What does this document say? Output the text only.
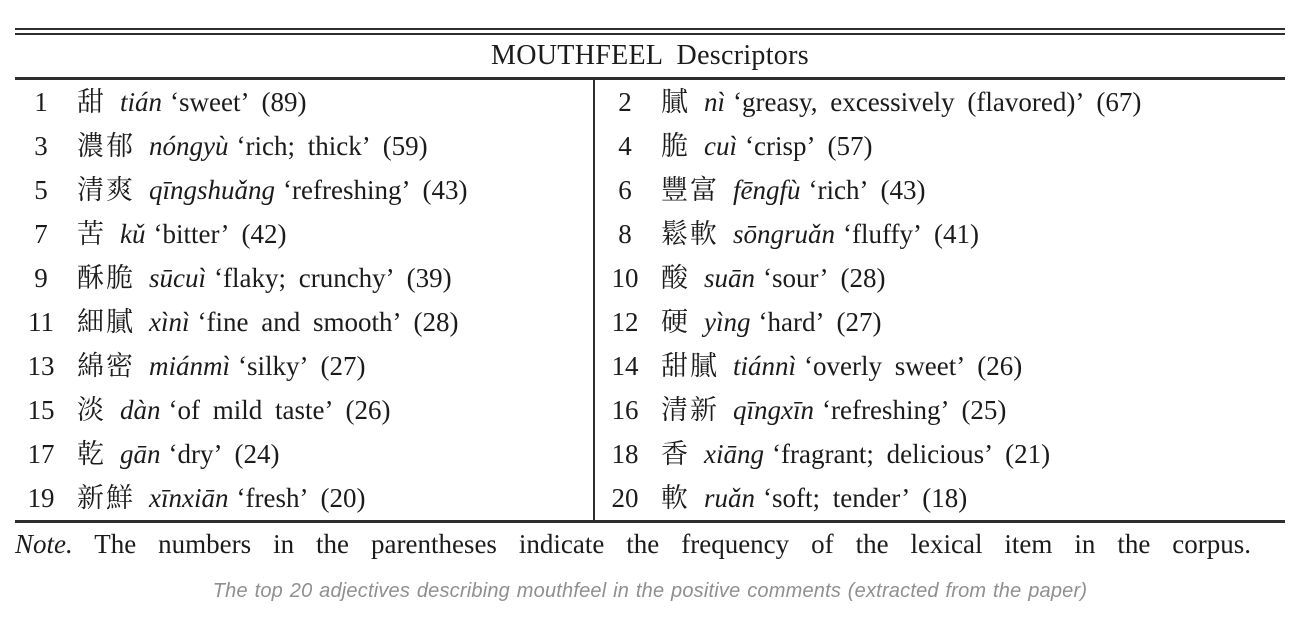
MOUTHFEEL Descriptors
1	甜 tián ‘sweet’ (89)	2	膩 nì ‘greasy, excessively (flavored)’ (67)
3	濃郁 nóngyù ‘rich; thick’ (59)	4	脆 cuì ‘crisp’ (57)
5	清爽 qīngshuǎng ‘refreshing’ (43)	6	豐富 fēngfù ‘rich’ (43)
7	苦 kǔ ‘bitter’ (42)	8	鬆軟 sōngruǎn ‘fluffy’ (41)
9	酥脆 sūcuì ‘flaky; crunchy’ (39)	10 酸 suān ‘sour’ (28)
11 細膩 xìnì ‘fine and smooth’ (28)	12 硬 yìng ‘hard’ (27)
13 綿密 miánmì ‘silky’ (27)	14 甜膩 tiánnì ‘overly sweet’ (26)
15 淡 dàn ‘of mild taste’ (26)	16 清新 qīngxīn ‘refreshing’ (25)
17 乾 gān ‘dry’ (24)	18 香 xiāng ‘fragrant; delicious’ (21)
19 新鮮 xīnxiān ‘fresh’ (20)	20 軟 ruǎn ‘soft; tender’ (18)
Note. The numbers in the parentheses indicate the frequency of the lexical item in the corpus.
The top 20 adjectives describing mouthfeel in the positive comments (extracted from the paper)
